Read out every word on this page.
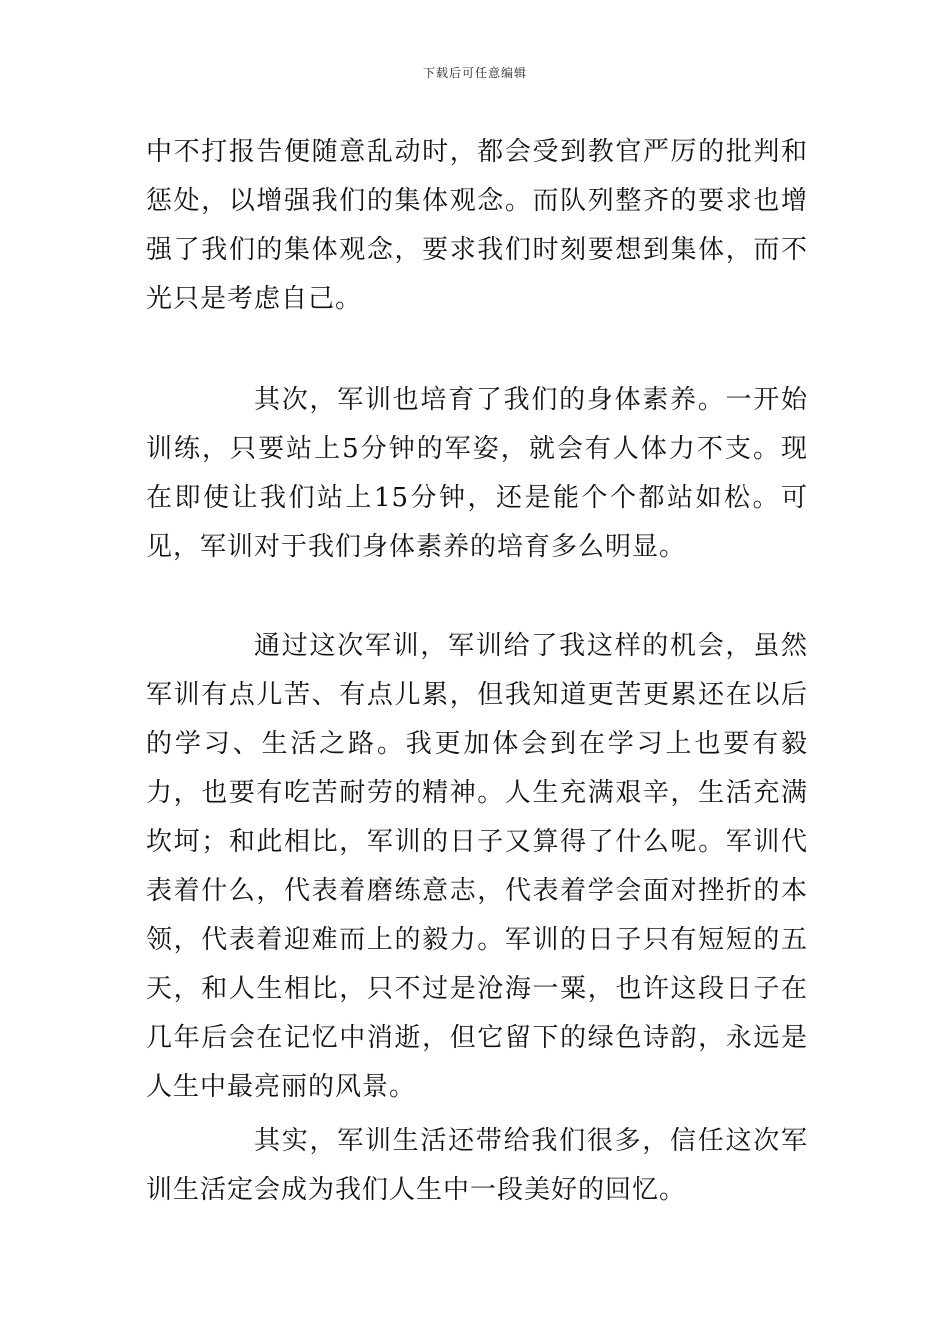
下载后可任意编辑

中不打报告便随意乱动时，都会受到教官严厉的批判和惩处，以增强我们的集体观念。而队列整齐的要求也增强了我们的集体观念，要求我们时刻要想到集体，而不光只是考虑自己。

其次，军训也培育了我们的身体素养。一开始训练，只要站上5分钟的军姿，就会有人体力不支。现在即使让我们站上15分钟，还是能个个都站如松。可见，军训对于我们身体素养的培育多么明显。

通过这次军训，军训给了我这样的机会，虽然军训有点儿苦、有点儿累，但我知道更苦更累还在以后的学习、生活之路。我更加体会到在学习上也要有毅力，也要有吃苦耐劳的精神。人生充满艰辛，生活充满坎坷；和此相比，军训的日子又算得了什么呢。军训代表着什么，代表着磨练意志，代表着学会面对挫折的本领，代表着迎难而上的毅力。军训的日子只有短短的五天，和人生相比，只不过是沧海一粟，也许这段日子在几年后会在记忆中消逝，但它留下的绿色诗韵，永远是人生中最亮丽的风景。

其实，军训生活还带给我们很多，信任这次军训生活定会成为我们人生中一段美好的回忆。
